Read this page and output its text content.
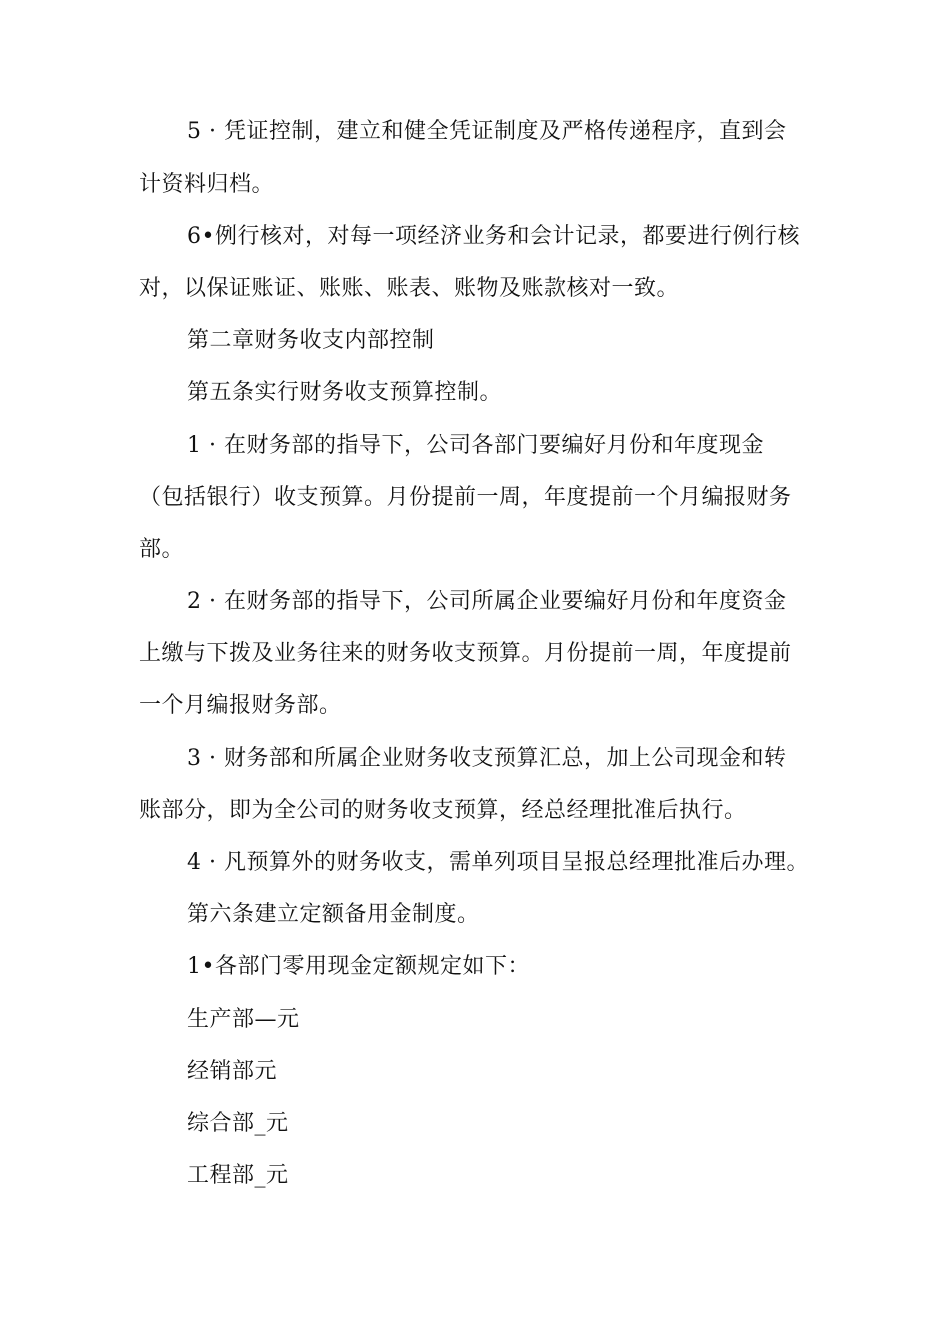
5 · 凭证控制，建立和健全凭证制度及严格传递程序，直到会
计资料归档。
6•例行核对，对每一项经济业务和会计记录，都要进行例行核
对，以保证账证、账账、账表、账物及账款核对一致。
第二章财务收支内部控制
第五条实行财务收支预算控制。
1 · 在财务部的指导下，公司各部门要编好月份和年度现金
（包括银行）收支预算。月份提前一周，年度提前一个月编报财务
部。
2 · 在财务部的指导下，公司所属企业要编好月份和年度资金
上缴与下拨及业务往来的财务收支预算。月份提前一周，年度提前
一个月编报财务部。
3 · 财务部和所属企业财务收支预算汇总，加上公司现金和转
账部分，即为全公司的财务收支预算，经总经理批准后执行。
4 · 凡预算外的财务收支，需单列项目呈报总经理批准后办理。
第六条建立定额备用金制度。
1•各部门零用现金定额规定如下：
生产部—元
经销部元
综合部_元
工程部_元
